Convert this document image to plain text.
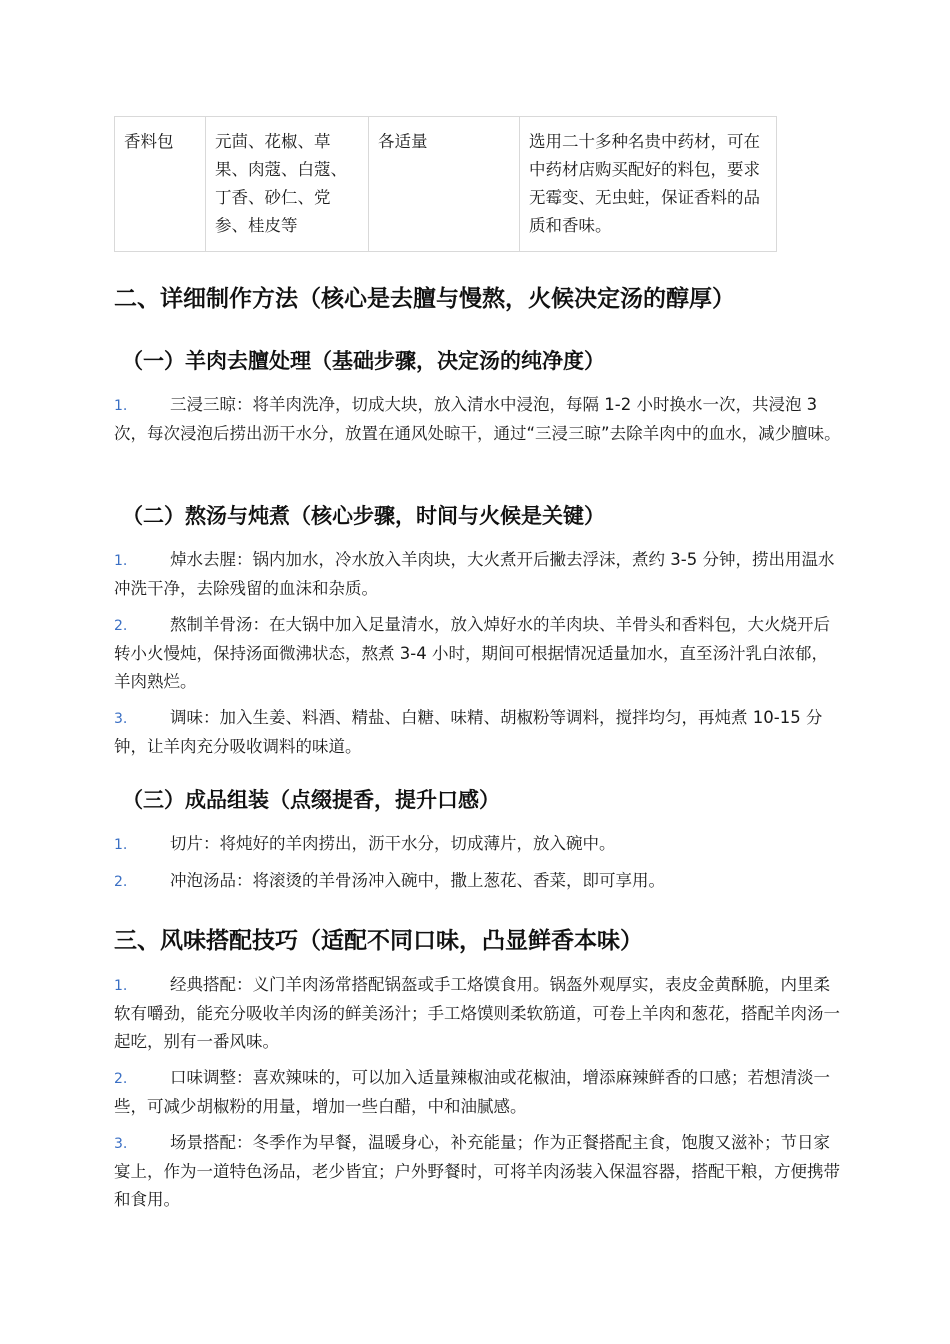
香料包	元茴、花椒、草果、肉蔻、白蔻、丁香、砂仁、党参、桂皮等	各适量	选用二十多种名贵中药材，可在中药材店购买配好的料包，要求无霉变、无虫蛀，保证香料的品质和香味。
二、详细制作方法（核心是去膻与慢熬，火候决定汤的醇厚）
（一）羊肉去膻处理（基础步骤，决定汤的纯净度）
1.	三浸三晾：将羊肉洗净，切成大块，放入清水中浸泡，每隔 1-2 小时换水一次，共浸泡 3 次，每次浸泡后捞出沥干水分，放置在通风处晾干，通过“三浸三晾”去除羊肉中的血水，减少膻味。
（二）熬汤与炖煮（核心步骤，时间与火候是关键）
1.	焯水去腥：锅内加水，冷水放入羊肉块，大火煮开后撇去浮沫，煮约 3-5 分钟，捞出用温水冲洗干净，去除残留的血沫和杂质。
2.	熬制羊骨汤：在大锅中加入足量清水，放入焯好水的羊肉块、羊骨头和香料包，大火烧开后转小火慢炖，保持汤面微沸状态，熬煮 3-4 小时，期间可根据情况适量加水，直至汤汁乳白浓郁，羊肉熟烂。
3.	调味：加入生姜、料酒、精盐、白糖、味精、胡椒粉等调料，搅拌均匀，再炖煮 10-15 分钟，让羊肉充分吸收调料的味道。
（三）成品组装（点缀提香，提升口感）
1.	切片：将炖好的羊肉捞出，沥干水分，切成薄片，放入碗中。
2.	冲泡汤品：将滚烫的羊骨汤冲入碗中，撒上葱花、香菜，即可享用。
三、风味搭配技巧（适配不同口味，凸显鲜香本味）
1.	经典搭配：义门羊肉汤常搭配锅盔或手工烙馍食用。锅盔外观厚实，表皮金黄酥脆，内里柔软有嚼劲，能充分吸收羊肉汤的鲜美汤汁；手工烙馍则柔软筋道，可卷上羊肉和葱花，搭配羊肉汤一起吃，别有一番风味。
2.	口味调整：喜欢辣味的，可以加入适量辣椒油或花椒油，增添麻辣鲜香的口感；若想清淡一些，可减少胡椒粉的用量，增加一些白醋，中和油腻感。
3.	场景搭配：冬季作为早餐，温暖身心，补充能量；作为正餐搭配主食，饱腹又滋补；节日家宴上，作为一道特色汤品，老少皆宜；户外野餐时，可将羊肉汤装入保温容器，搭配干粮，方便携带和食用。
